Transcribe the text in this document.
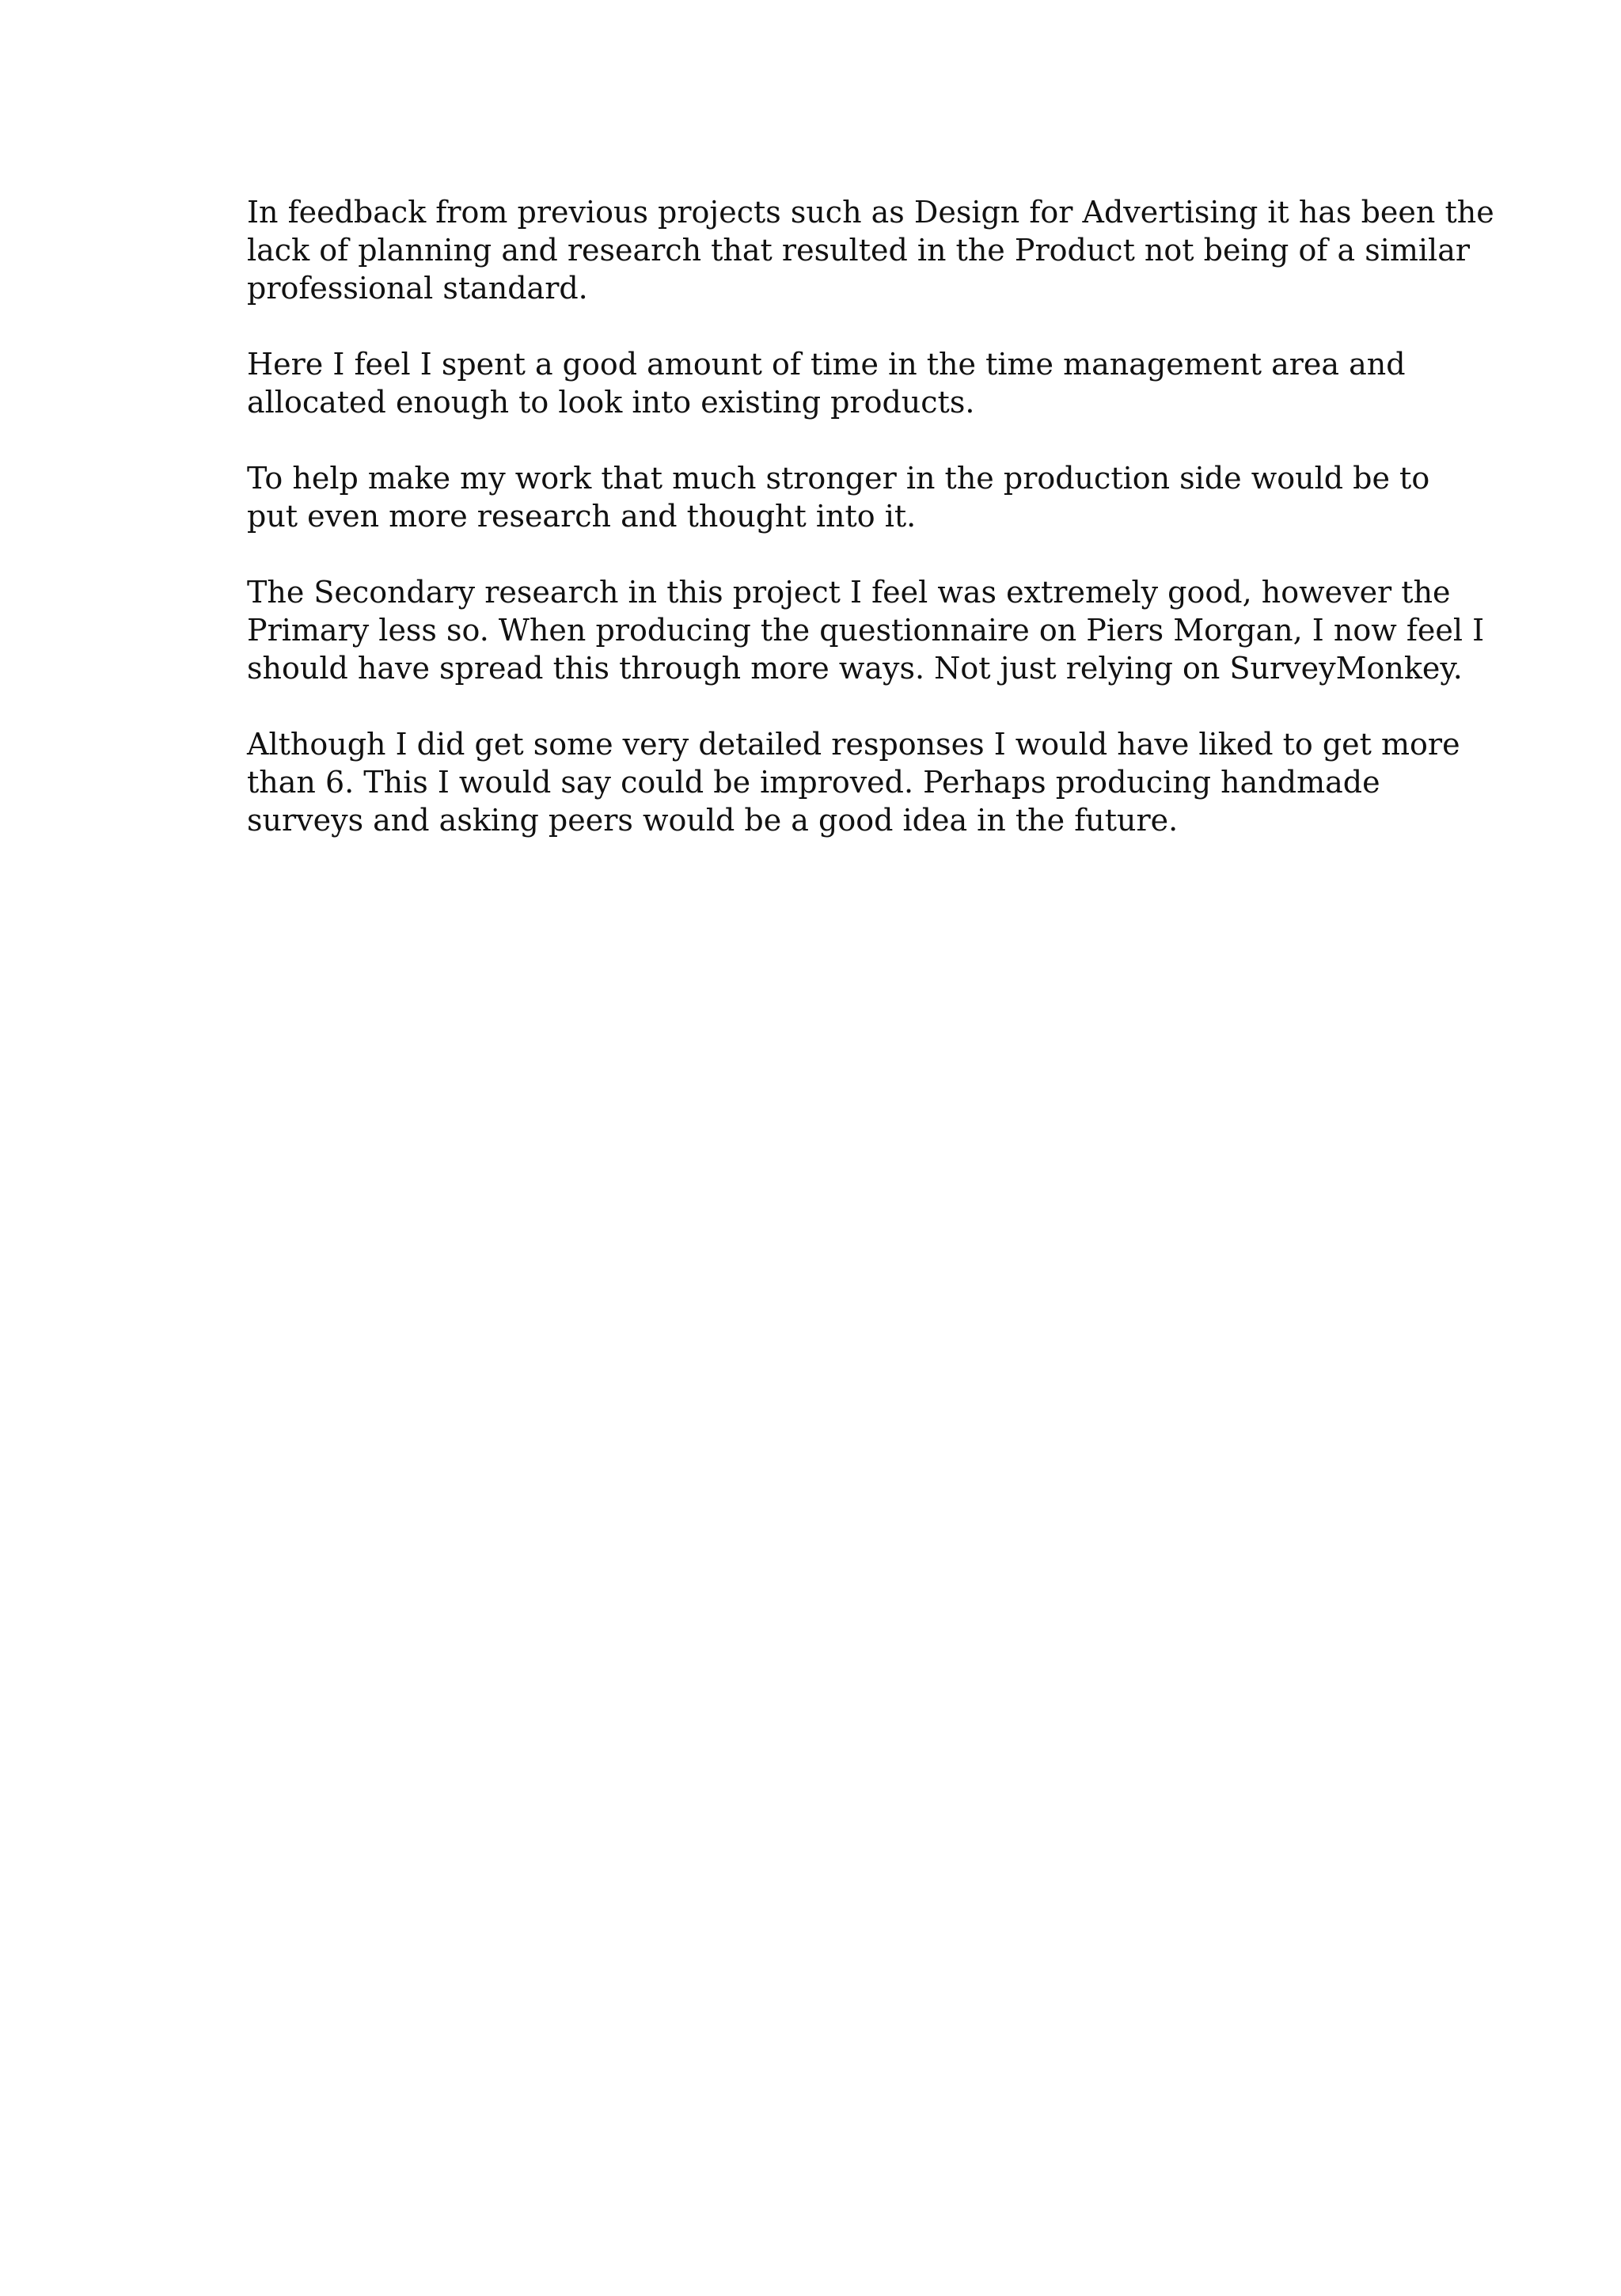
In feedback from previous projects such as Design for Advertising it has been the
lack of planning and research that resulted in the Product not being of a similar
professional standard.

Here I feel I spent a good amount of time in the time management area and
allocated enough to look into existing products.

To help make my work that much stronger in the production side would be to
put even more research and thought into it.

The Secondary research in this project I feel was extremely good, however the
Primary less so. When producing the questionnaire on Piers Morgan, I now feel I
should have spread this through more ways. Not just relying on SurveyMonkey.

Although I did get some very detailed responses I would have liked to get more
than 6. This I would say could be improved. Perhaps producing handmade
surveys and asking peers would be a good idea in the future.
